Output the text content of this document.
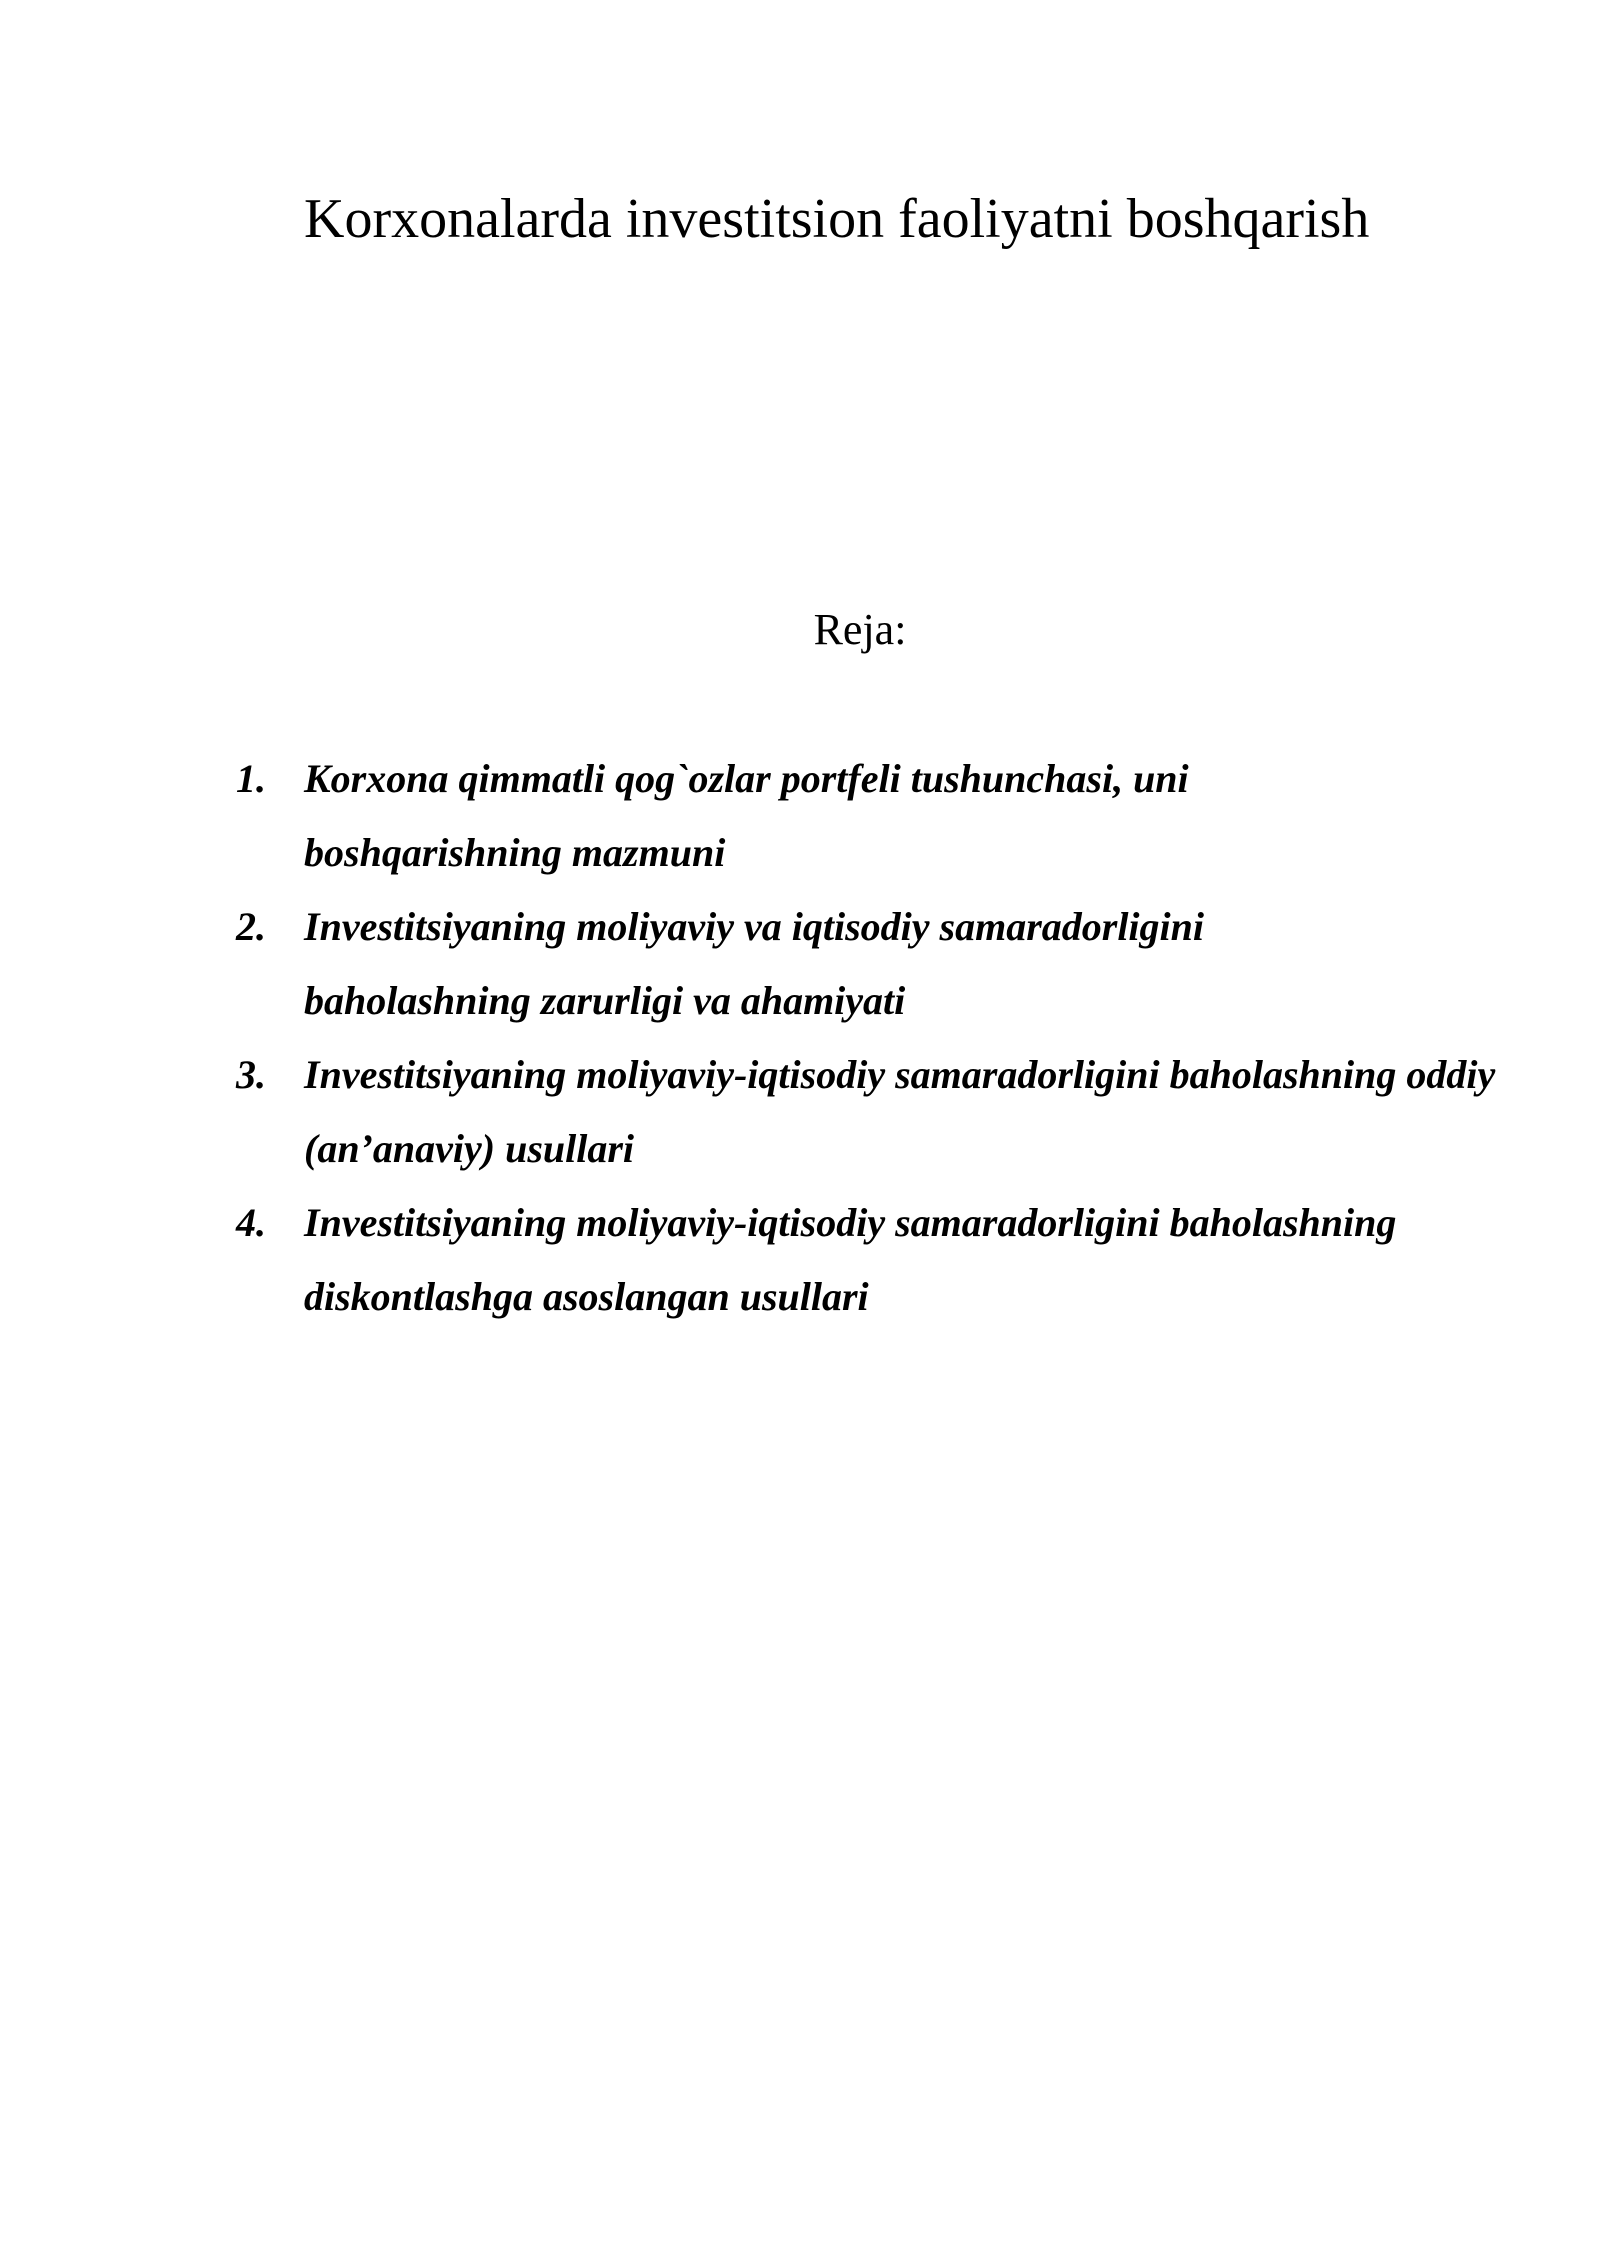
Korxonalarda investitsion faoliyatni boshqarish
Reja:
1. Korxona qimmatli qog`ozlar portfeli tushunchasi, uni boshqarishning mazmuni
2. Investitsiyaning moliyaviy va iqtisodiy samaradorligini baholashning zarurligi va ahamiyati
3. Investitsiyaning moliyaviy-iqtisodiy samaradorligini baholashning oddiy (an’anaviy) usullari
4. Investitsiyaning moliyaviy-iqtisodiy samaradorligini baholashning diskontlashga asoslangan usullari
